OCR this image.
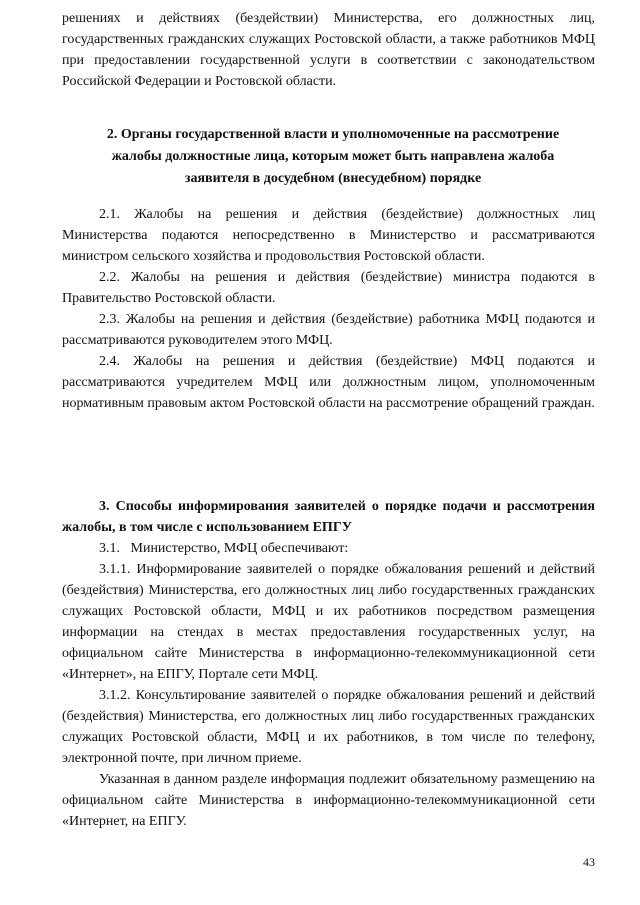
решениях и действиях (бездействии) Министерства, его должностных лиц, государственных гражданских служащих Ростовской области, а также работников МФЦ при предоставлении государственной услуги в соответствии с законодательством Российской Федерации и Ростовской области.

2. Органы государственной власти и уполномоченные на рассмотрение жалобы должностные лица, которым может быть направлена жалоба заявителя в досудебном (внесудебном) порядке

2.1. Жалобы на решения и действия (бездействие) должностных лиц Министерства подаются непосредственно в Министерство и рассматриваются министром сельского хозяйства и продовольствия Ростовской области.

2.2. Жалобы на решения и действия (бездействие) министра подаются в Правительство Ростовской области.

2.3. Жалобы на решения и действия (бездействие) работника МФЦ подаются и рассматриваются руководителем этого МФЦ.

2.4. Жалобы на решения и действия (бездействие) МФЦ подаются и рассматриваются учредителем МФЦ или должностным лицом, уполномоченным нормативным правовым актом Ростовской области на рассмотрение обращений граждан.

3. Способы информирования заявителей о порядке подачи и рассмотрения жалобы, в том числе с использованием ЕПГУ

3.1.   Министерство, МФЦ обеспечивают:

3.1.1. Информирование заявителей о порядке обжалования решений и действий (бездействия) Министерства, его должностных лиц либо государственных гражданских служащих Ростовской области, МФЦ и их работников посредством размещения информации на стендах в местах предоставления государственных услуг, на официальном сайте Министерства в информационно-телекоммуникационной сети «Интернет», на ЕПГУ, Портале сети МФЦ.

3.1.2. Консультирование заявителей о порядке обжалования решений и действий (бездействия) Министерства, его должностных лиц либо государственных гражданских служащих Ростовской области, МФЦ и их работников, в том числе по телефону, электронной почте, при личном приеме.

Указанная в данном разделе информация подлежит обязательному размещению на официальном сайте Министерства в информационно-телекоммуникационной сети «Интернет, на ЕПГУ.

43
